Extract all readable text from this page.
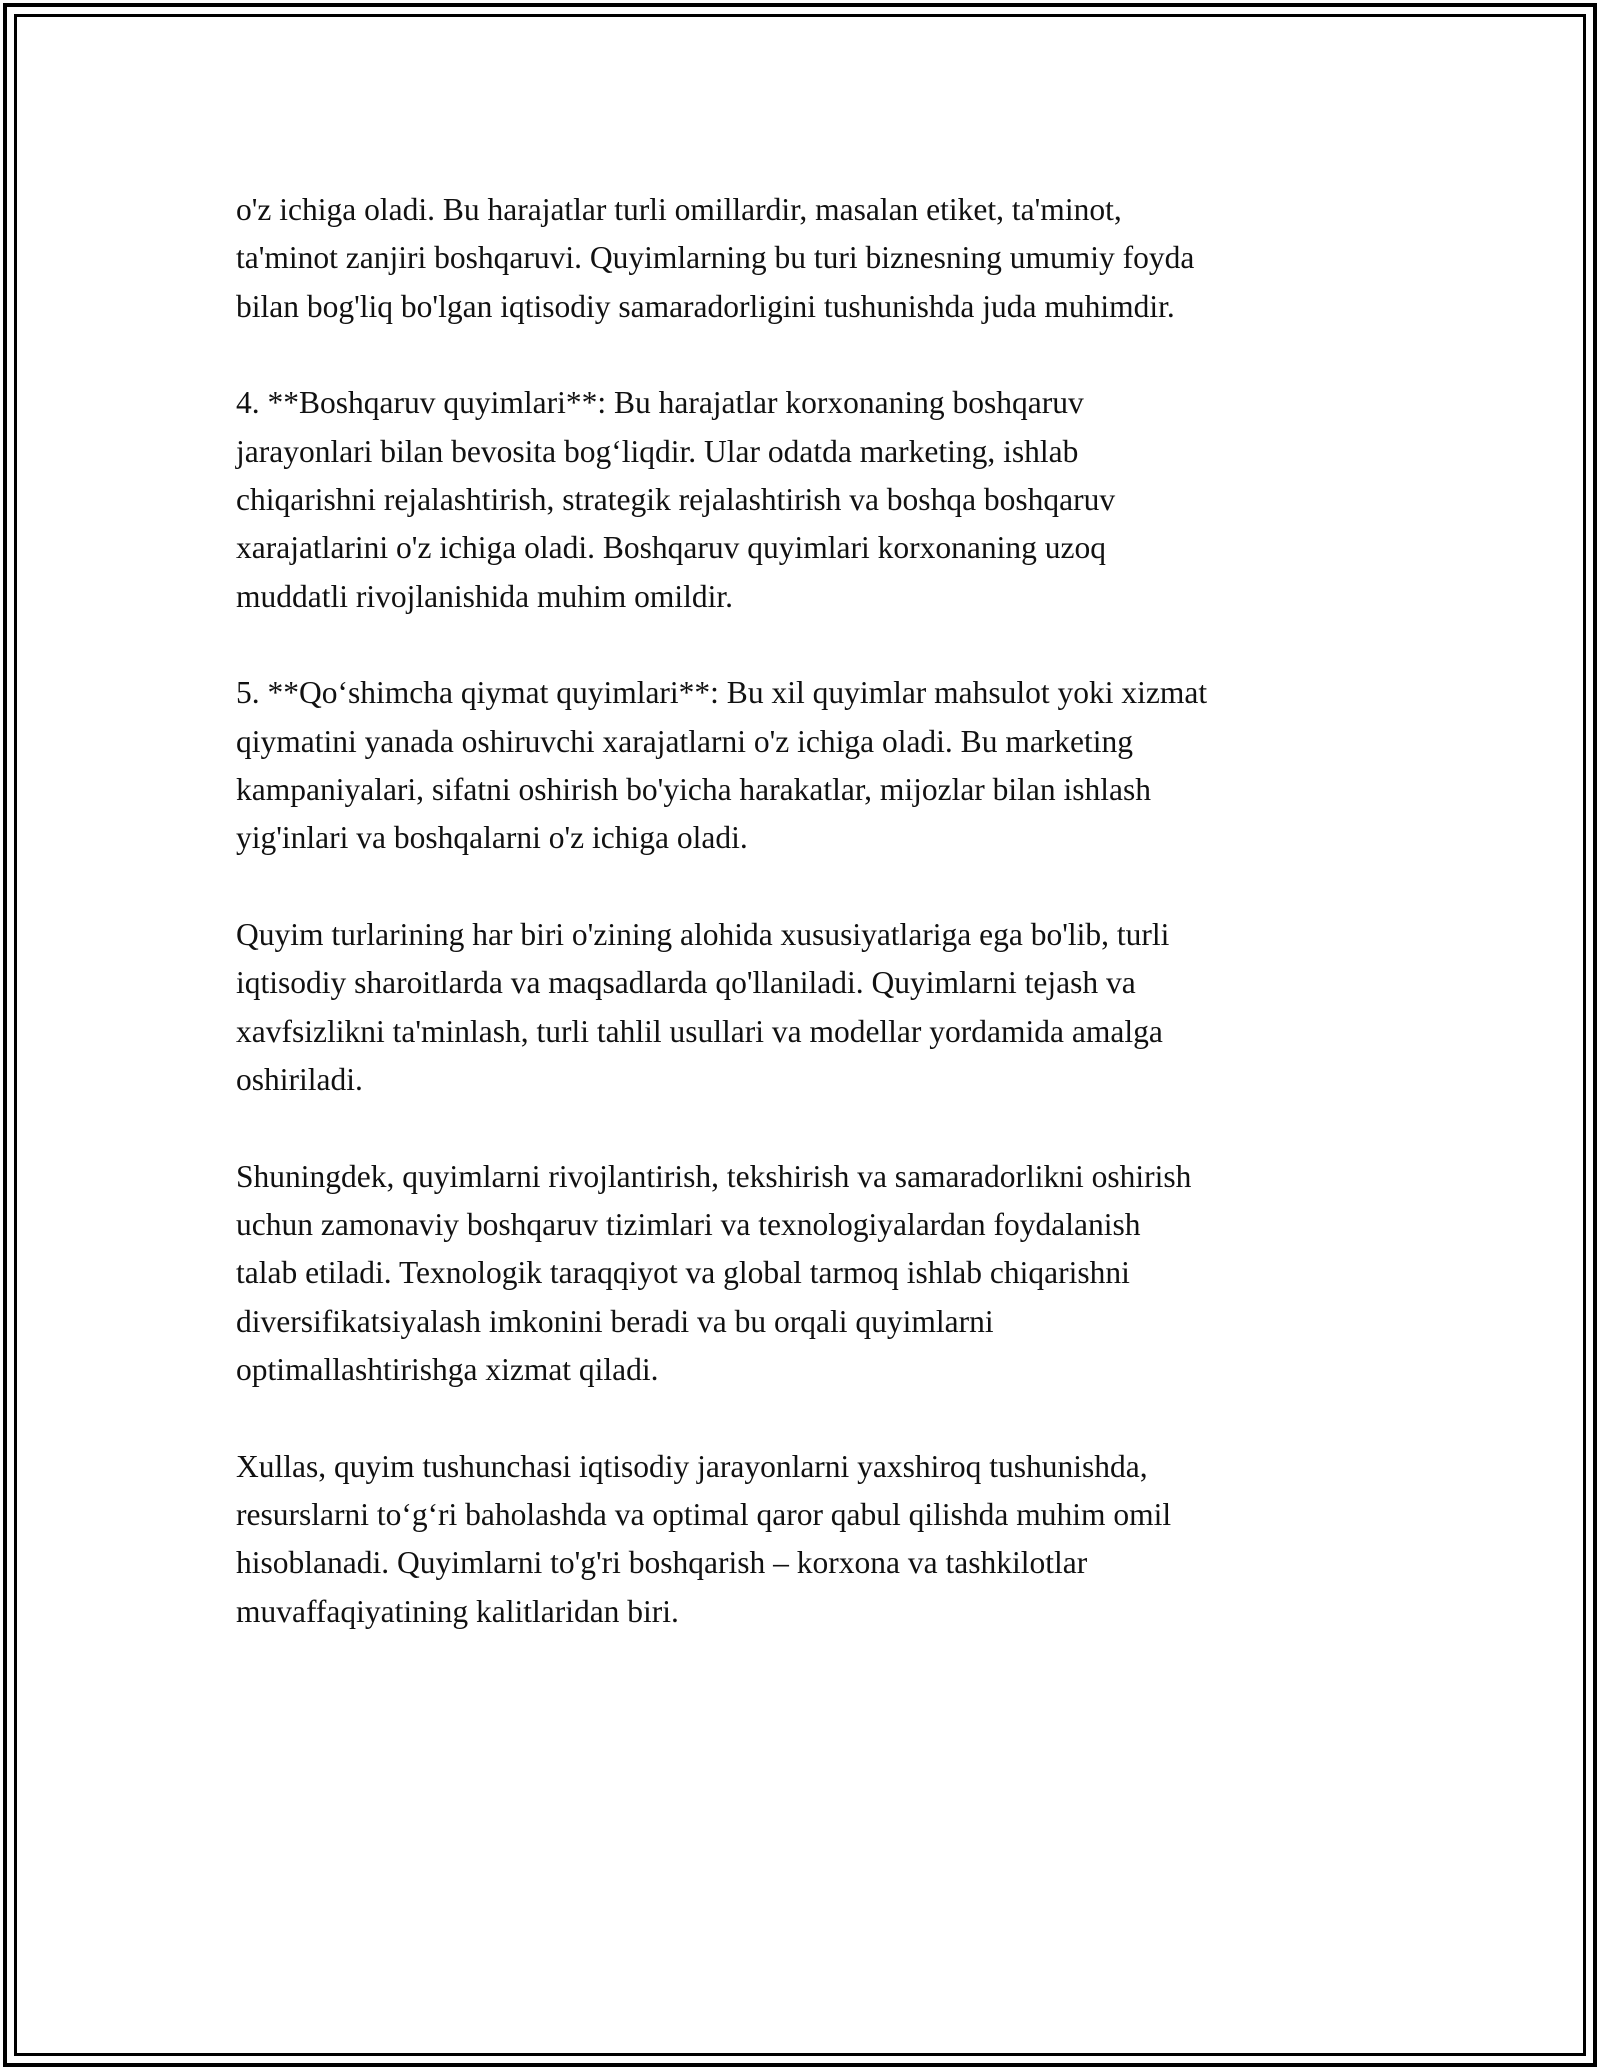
o'z ichiga oladi. Bu harajatlar turli omillardir, masalan etiket, ta'minot,
ta'minot zanjiri boshqaruvi. Quyimlarning bu turi biznesning umumiy foyda
bilan bog'liq bo'lgan iqtisodiy samaradorligini tushunishda juda muhimdir.

4. **Boshqaruv quyimlari**: Bu harajatlar korxonaning boshqaruv
jarayonlari bilan bevosita bog‘liqdir. Ular odatda marketing, ishlab
chiqarishni rejalashtirish, strategik rejalashtirish va boshqa boshqaruv
xarajatlarini o'z ichiga oladi. Boshqaruv quyimlari korxonaning uzoq
muddatli rivojlanishida muhim omildir.

5. **Qo‘shimcha qiymat quyimlari**: Bu xil quyimlar mahsulot yoki xizmat
qiymatini yanada oshiruvchi xarajatlarni o'z ichiga oladi. Bu marketing
kampaniyalari, sifatni oshirish bo'yicha harakatlar, mijozlar bilan ishlash
yig'inlari va boshqalarni o'z ichiga oladi.

Quyim turlarining har biri o'zining alohida xususiyatlariga ega bo'lib, turli
iqtisodiy sharoitlarda va maqsadlarda qo'llaniladi. Quyimlarni tejash va
xavfsizlikni ta'minlash, turli tahlil usullari va modellar yordamida amalga
oshiriladi.

Shuningdek, quyimlarni rivojlantirish, tekshirish va samaradorlikni oshirish
uchun zamonaviy boshqaruv tizimlari va texnologiyalardan foydalanish
talab etiladi. Texnologik taraqqiyot va global tarmoq ishlab chiqarishni
diversifikatsiyalash imkonini beradi va bu orqali quyimlarni
optimallashtirishga xizmat qiladi.

Xullas, quyim tushunchasi iqtisodiy jarayonlarni yaxshiroq tushunishda,
resurslarni to‘g‘ri baholashda va optimal qaror qabul qilishda muhim omil
hisoblanadi. Quyimlarni to'g'ri boshqarish – korxona va tashkilotlar
muvaffaqiyatining kalitlaridan biri.
